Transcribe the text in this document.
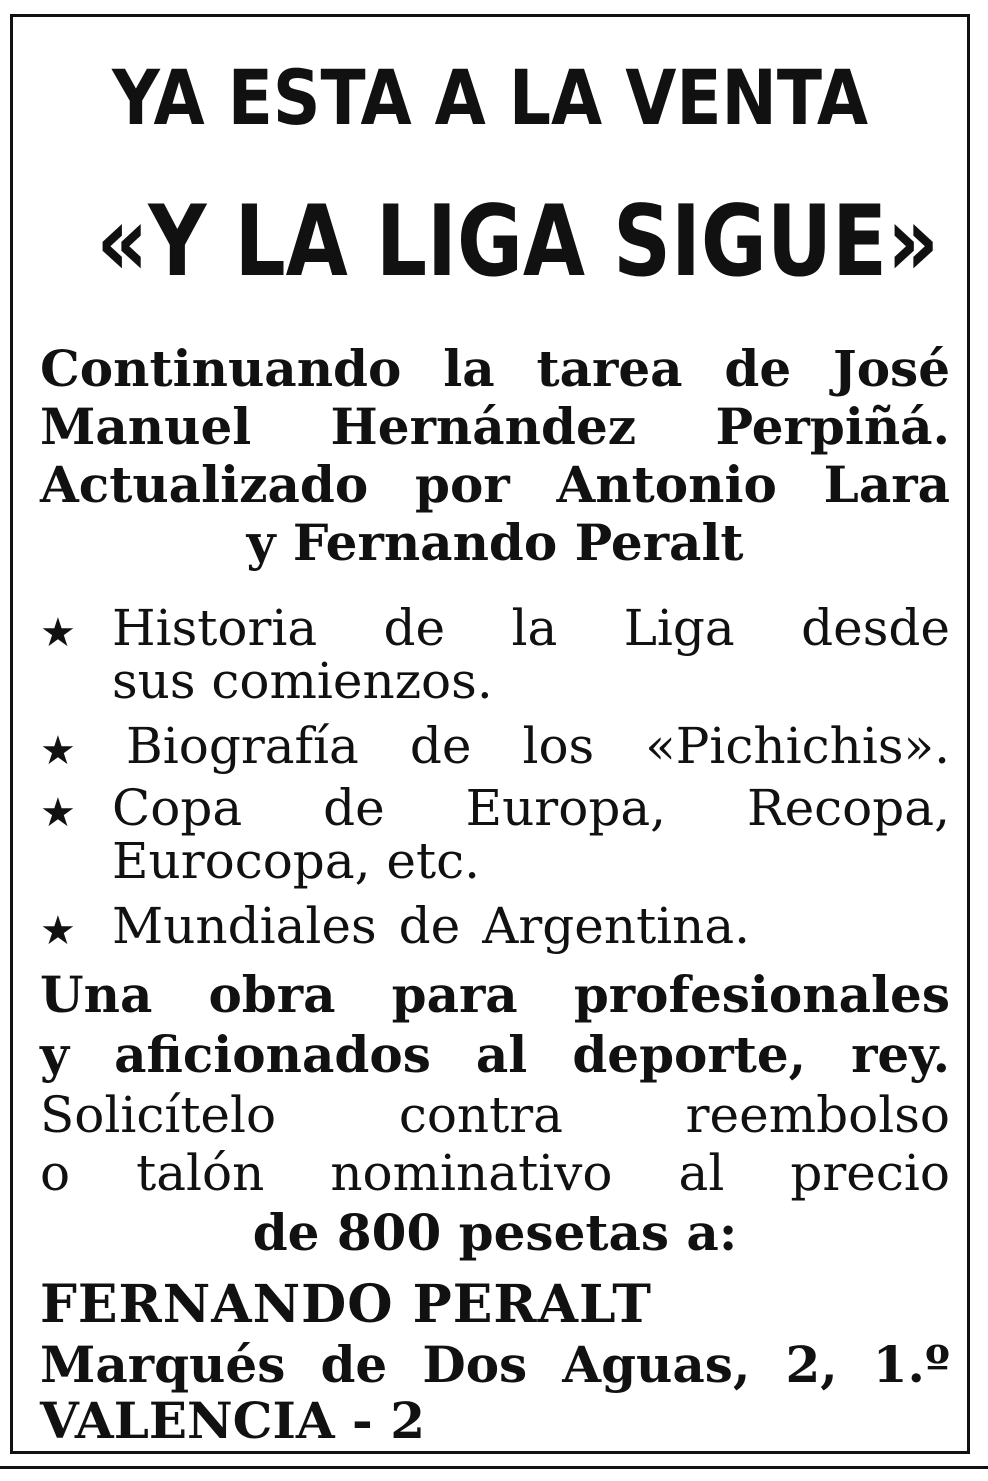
YA ESTA A LA VENTA
«Y LA LIGA SIGUE»
Continuando la tarea de José
Manuel Hernández Perpiñá.
Actualizado por Antonio Lara
y Fernando Peralt
★ Historia de la Liga desde
sus comienzos.
★	Biografía de los «Pichichis».
★ Copa de Europa, Recopa,
Eurocopa, etc.
★ Mundiales de Argentina.
Una obra para profesionales
y aficionados al deporte, rey.
Solicítelo contra reembolso
o talón nominativo al precio
de 800 pesetas a:
FERNANDO PERALT
Marqués de Dos Aguas, 2, 1.º
VALENCIA - 2
